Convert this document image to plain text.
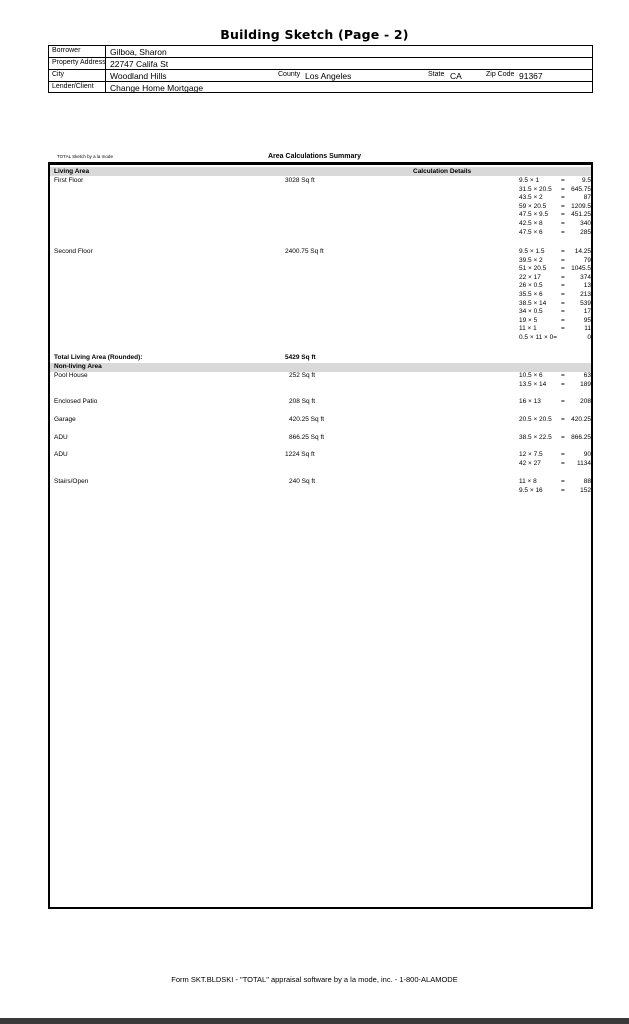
Building Sketch (Page - 2)
Borrower	Gilboa, Sharon
Property Address 22747 Califa St
City	Woodland Hills	County Los Angeles	State CA	Zip Code 91367
Lender/Client Change Home Mortgage
TOTAL Sketch by a la mode	Area Calculations Summary
Living Area	Calculation Details
First Floor	3028 Sq ft	9.5 × 1	=	9.5
31.5 × 20.5 = 645.75
43.5 × 2	=	87
59 × 20.5 = 1209.5
47.5 × 9.5 = 451.25
42.5 × 8	= 340
47.5 × 6	= 285
Second Floor	2400.75 Sq ft	9.5 × 1.5	= 14.25
39.5 × 2	=	79
51 × 20.5 = 1045.5
22 × 17	= 374
26 × 0.5	=	13
35.5 × 6	= 213
38.5 × 14 = 539
34 × 0.5	=	17
19 × 5	=	95
11 × 1	=	11
0.5 × 11 × 0=	0
Total Living Area (Rounded):	5429 Sq ft
Non-living Area
Pool House	252 Sq ft	10.5 × 6	=	63
13.5 × 14 = 189
Enclosed Patio	208 Sq ft	16 × 13	= 208
Garage	420.25 Sq ft	20.5 × 20.5 = 420.25
ADU	866.25 Sq ft	38.5 × 22.5 = 866.25
ADU	1224 Sq ft	12 × 7.5	=	90
42 × 27	= 1134
Stairs/Open	240 Sq ft	11 × 8	=	88
9.5 × 16	= 152
Form SKT.BLDSKI - "TOTAL" appraisal software by a la mode, inc. - 1-800-ALAMODE
